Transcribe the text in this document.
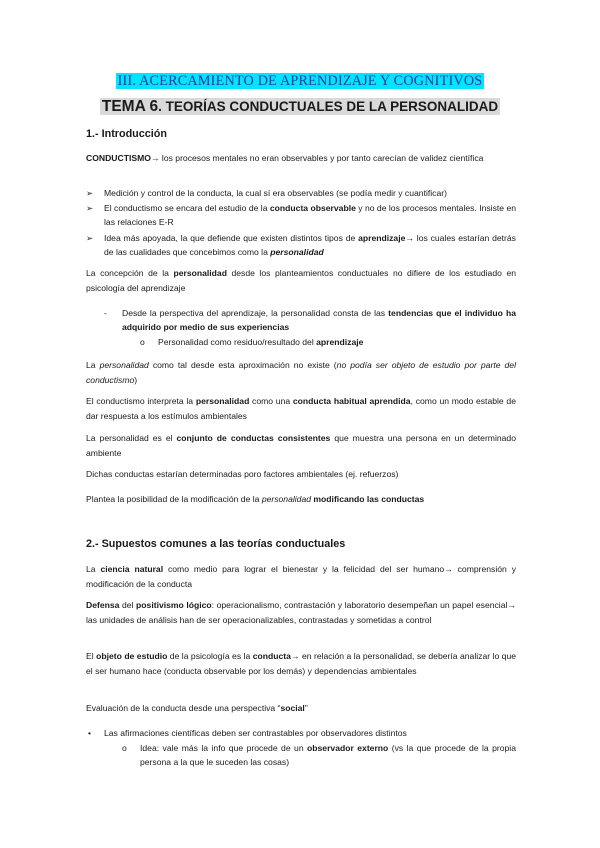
III. ACERCAMIENTO DE APRENDIZAJE Y COGNITIVOS
TEMA 6. TEORÍAS CONDUCTUALES DE LA PERSONALIDAD
1.- Introducción

CONDUCTISMO→ los procesos mentales no eran observables y por tanto carecían de validez científica

➢ Medición y control de la conducta, la cual sí era observables (se podía medir y cuantificar)
➢ El conductismo se encara del estudio de la conducta observable y no de los procesos mentales. Insiste en las relaciones E-R
➢ Idea más apoyada, la que defiende que existen distintos tipos de aprendizaje→ los cuales estarían detrás de las cualidades que concebimos como la personalidad

La concepción de la personalidad desde los planteamientos conductuales no difiere de los estudiado en psicología del aprendizaje

- Desde la perspectiva del aprendizaje, la personalidad consta de las tendencias que el individuo ha adquirido por medio de sus experiencias
o Personalidad como residuo/resultado del aprendizaje

La personalidad como tal desde esta aproximación no existe (no podía ser objeto de estudio por parte del conductismo)

El conductismo interpreta la personalidad como una conducta habitual aprendida, como un modo estable de dar respuesta a los estímulos ambientales

La personalidad es el conjunto de conductas consistentes que muestra una persona en un determinado ambiente

Dichas conductas estarían determinadas poro factores ambientales (ej. refuerzos)

Plantea la posibilidad de la modificación de la personalidad modificando las conductas

2.- Supuestos comunes a las teorías conductuales

La ciencia natural como medio para lograr el bienestar y la felicidad del ser humano→ comprensión y modificación de la conducta

Defensa del positivismo lógico: operacionalismo, contrastación y laboratorio desempeñan un papel esencial→ las unidades de análisis han de ser operacionalizables, contrastadas y sometidas a control

El objeto de estudio de la psicología es la conducta→ en relación a la personalidad, se debería analizar lo que el ser humano hace (conducta observable por los demás) y dependencias ambientales

Evaluación de la conducta desde una perspectiva “social”

• Las afirmaciones científicas deben ser contrastables por observadores distintos
o Idea: vale más la info que procede de un observador externo (vs la que procede de la propia persona a la que le suceden las cosas)
